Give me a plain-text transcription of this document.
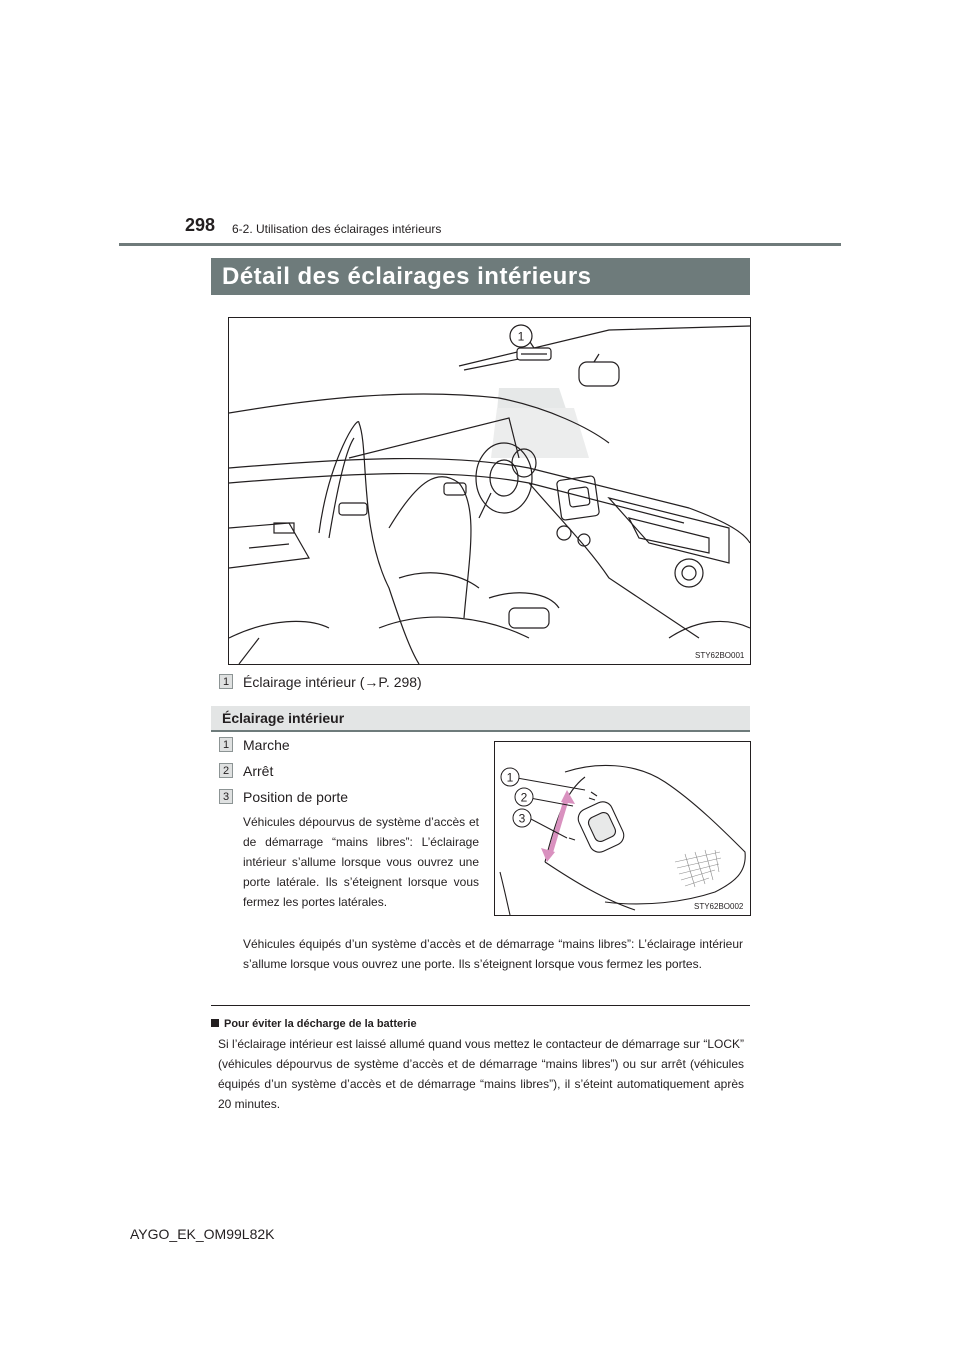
298 6-2. Utilisation des éclairages intérieurs
Détail des éclairages intérieurs
1
STY62BO001
1 Éclairage intérieur (→P. 298)
Éclairage intérieur
1 Marche
2 Arrêt
3 Position de porte
Véhicules dépourvus de système d’accès et de démarrage “mains libres”: L’éclairage intérieur s’allume lorsque vous ouvrez une porte latérale. Ils s’éteignent lorsque vous fermez les portes latérales.
1
2
3
STY62BO002
Véhicules équipés d’un système d’accès et de démarrage “mains libres”: L’éclairage intérieur s’allume lorsque vous ouvrez une porte. Ils s’éteignent lorsque vous fermez les portes.
Pour éviter la décharge de la batterie
Si l’éclairage intérieur est laissé allumé quand vous mettez le contacteur de démarrage sur “LOCK” (véhicules dépourvus de système d’accès et de démarrage “mains libres”) ou sur arrêt (véhicules équipés d’un système d’accès et de démarrage “mains libres”), il s’éteint automatiquement après 20 minutes.
AYGO_EK_OM99L82K
